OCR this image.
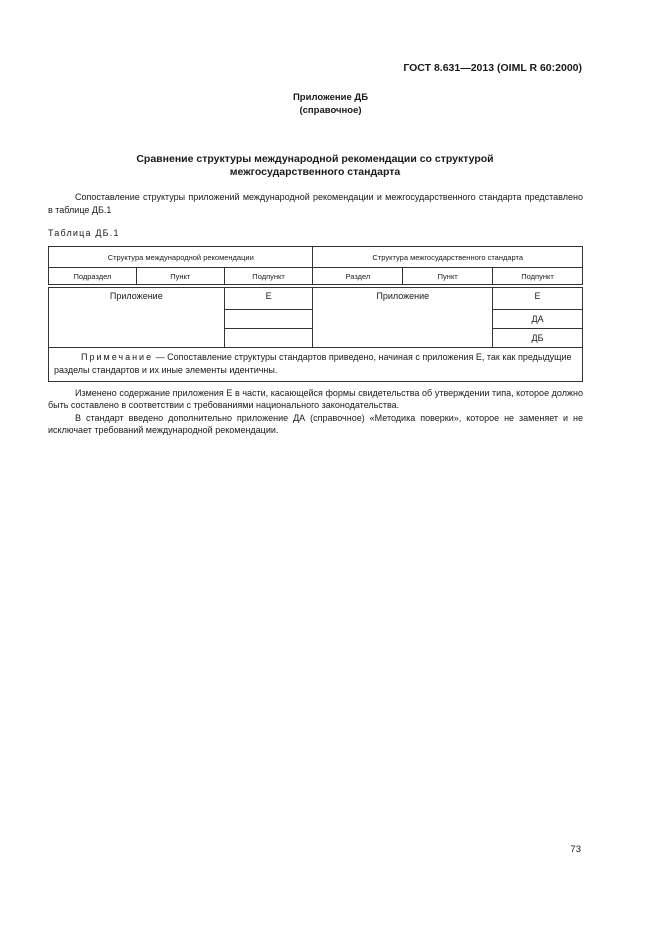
ГОСТ 8.631—2013 (OIML R 60:2000)
Приложение ДБ
(справочное)
Сравнение структуры международной рекомендации со структурой
межгосударственного стандарта
Сопоставление структуры приложений международной рекомендации и межгосударственного стандарта представлено в таблице ДБ.1
Таблица ДБ.1
Структура международной рекомендации			Структура межгосударственного стандарта		
Подраздел	Пункт	Подпункт	Раздел	Пункт	Подпункт

Приложение		Е	Приложение		Е
					ДА
					ДБ
Примечание — Сопоставление структуры стандартов приведено, начиная с приложения Е, так как предыдущие разделы стандартов и их иные элементы идентичны.					
Изменено содержание приложения Е в части, касающейся формы свидетельства об утверждении типа, которое должно быть составлено в соответствии с требованиями национального законодательства.
В стандарт введено дополнительно приложение ДА (справочное) «Методика поверки», которое не заменяет и не исключает требований международной рекомендации.
73
